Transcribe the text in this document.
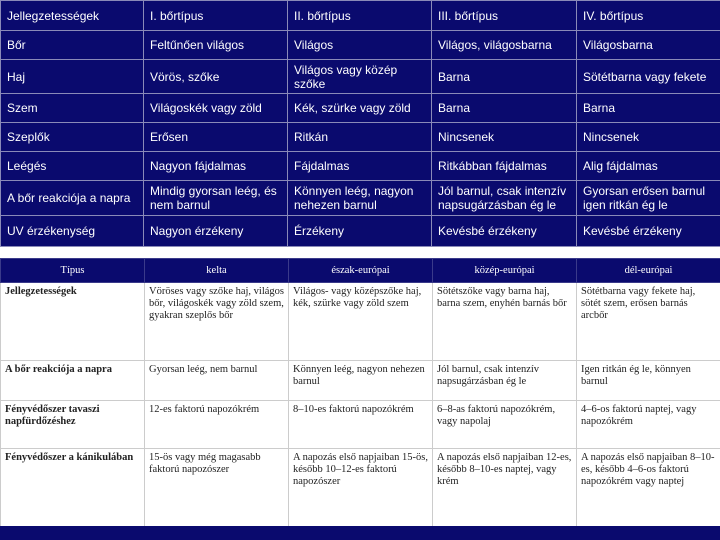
Jellegzetességek	I. bőrtípus	II. bőrtípus	III. bőrtípus	IV. bőrtípus
Bőr	Feltűnően világos	Világos	Világos, világosbarna	Világosbarna
Haj	Vörös, szőke	Világos vagy közép szőke	Barna	Sötétbarna vagy fekete
Szem	Világoskék vagy zöld	Kék, szürke vagy zöld	Barna	Barna
Szeplők	Erősen	Ritkán	Nincsenek	Nincsenek
Leégés	Nagyon fájdalmas	Fájdalmas	Ritkábban fájdalmas	Alig fájdalmas
A bőr reakciója a napra	Mindig gyorsan leég, és nem barnul	Könnyen leég, nagyon nehezen barnul	Jól barnul, csak intenzív napsugárzásban ég le	Gyorsan erősen barnul igen ritkán ég le
UV érzékenység	Nagyon érzékeny	Érzékeny	Kevésbé érzékeny	Kevésbé érzékeny
Típus	kelta	észak-európai	közép-európai	dél-európai
Jellegzetességek	Vöröses vagy szőke haj, világos bőr, világoskék vagy zöld szem, gyakran szeplős bőr	Világos- vagy középszőke haj, kék, szürke vagy zöld szem	Sötétszőke vagy barna haj, barna szem, enyhén barnás bőr	Sötétbarna vagy fekete haj, sötét szem, erősen barnás arcbőr
A bőr reakciója a napra	Gyorsan leég, nem barnul	Könnyen leég, nagyon nehezen barnul	Jól barnul, csak intenzív napsugárzásban ég le	Igen ritkán ég le, könnyen barnul
Fényvédőszer tavaszi napfürdőzéshez	12-es faktorú napozókrém	8–10-es faktorú napozókrém	6–8-as faktorú napozókrém, vagy napolaj	4–6-os faktorú naptej, vagy napozókrém
Fényvédőszer a kánikulában	15-ös vagy még magasabb faktorú napozószer	A napozás első napjaiban 15-ös, később 10–12-es faktorú napozószer	A napozás első napjaiban 12-es, később 8–10-es naptej, vagy krém	A napozás első napjaiban 8–10-es, később 4–6-os faktorú napozókrém vagy naptej
